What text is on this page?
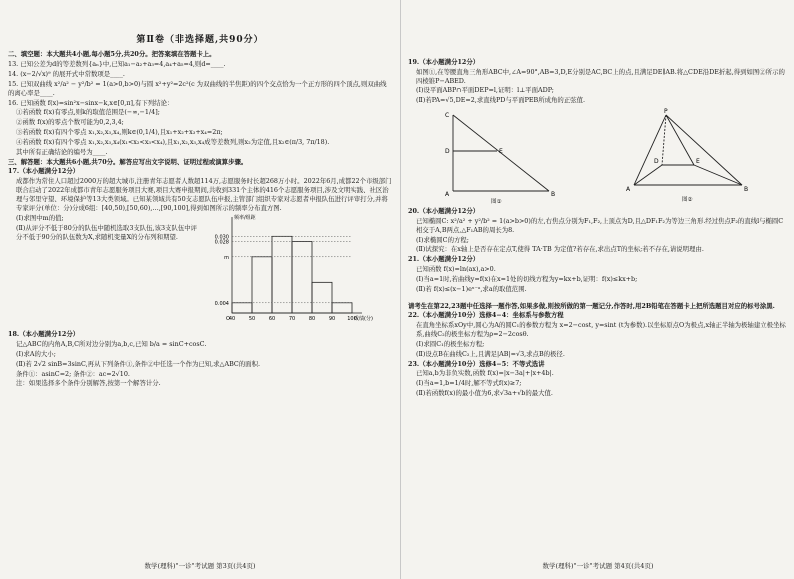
第Ⅱ卷（非选择题,共90分）

二、填空题：本大题共4小题,每小题5分,共20分。把答案填在答题卡上。

13. 已知公差为d的等差数列{aₙ}中,已知a₁−a₂+a₃=4,a₄+a₅=4,则d=____.

14. (x−2/√x)⁹ 的展开式中常数项是____.

15. 已知双曲线 x²/a² − y²/b² = 1(a>0,b>0)与圆 x²+y²=2c²(c 为双曲线的半焦距)的四个交点恰为一个正方形的四个顶点,则双曲线的离心率是____.

16. 已知函数 f(x)=sin²x−sinx−k,x∈[0,π],有下列结论：

①若函数 f(x)有零点,则k的取值范围是(−∞,−1/4];

②函数 f(x)的零点个数可能为0,2,3,4;

③若函数 f(x)有四个零点 x₁,x₂,x₃,x₄,则k∈(0,1/4),且x₁+x₂+x₃+x₄=2π;

④若函数 f(x)有四个零点 x₁,x₂,x₃,x₄(x₁<x₂<x₃<x₄),且x₁,x₂,x₃,x₄成等差数列,则x₂为定值,且x₂∈(π/3, 7π/18).

其中所有正确结论的编号为____.

三、解答题：本大题共6小题,共70分。解答应写出文字说明、证明过程或演算步骤。

17.（本小题满分12分）

成都作为常住人口超过2000万的超大城市,注册青年志愿者人数超114万,志愿服务时长超268万小时。2022年6月,成都22个市级部门联合启动了2022年成都市青年志愿服务项目大赛,项目大赛申报期间,共收到331个主体的416个志愿服务项目,涉及文明实践、社区治理与邻里守望、环境保护等13大类领域。已知某领域共有50支志愿队伍申报,主管部门组织专家对志愿者申报队伍进行评审打分,并将专家评分(单位：分)分成6组：[40,50),[50,60),…,[90,100],得到如图所示的频率分布直方图.

(Ⅰ)求图中m的值;

(Ⅱ)从评分不低于80分的队伍中随机选取3支队伍,该3支队伍中评分不低于90分的队伍数为X,求随机变量X的分布列和期望.

0.004
m
0.030
0.028
40	50	60	70	80	90 100
频率/组距
成绩(分)
O

18.（本小题满分12分）

记△ABC的内角A,B,C所对边分别为a,b,c,已知 b/a = sinC+cosC.

(Ⅰ)求A的大小;

(Ⅱ)若 2√2 sinB=3sinC,再从下列条件①,条件②中任选一个作为已知,求△ABC的面积.

条件①：asinC=2; 条件②：ac=2√10.

注：如果选择多个条件分别解答,按第一个解答计分.

数学(理科)"一诊"考试题 第3页(共4页)

19.（本小题满分12分）

如图①,在等腰直角三角形ABC中,∠A=90°,AB=3,D,E分别是AC,BC上的点,且满足DE∥AB.将△CDE沿DE折起,得到如图②所示的四棱锥P−ABED.

(Ⅰ)设平面ABP∩平面DEP=l,证明：l⊥平面ADP;

(Ⅱ)若PA=√5,DE=2,求直线PD与平面PEB所成角的正弦值.

C
D	E
A	B
图①
P
D	E
A	B
图②

20.（本小题满分12分）

已知椭圆C: x²/a² + y²/b² = 1(a>b>0)的左,右焦点分别为F₁,F₂,上顶点为D,且△DF₁F₂为等边三角形.经过焦点F₂的直线l与椭圆C相交于A,B两点,△F₁AB的周长为8.

(Ⅰ)求椭圆C的方程;

(Ⅱ)试探究：在x轴上是否存在定点T,使得 TA·TB 为定值?若存在,求出点T的坐标;若不存在,请说明理由.

21.（本小题满分12分）

已知函数 f(x)=ln(ax),a>0.

(Ⅰ)当a=1时,若曲线y=f(x)在x=1处的切线方程为y=kx+b,证明：f(x)≤kx+b;

(Ⅱ)若 f(x)≤(x−1)eˣ⁻ᵃ,求a的取值范围.

请考生在第22,23题中任选择一题作答,如果多做,则按所做的第一题记分,作答时,用2B铅笔在答题卡上把所选题目对应的标号涂黑.

22.（本小题满分10分）选修4−4：坐标系与参数方程

在直角坐标系xOy中,圆心为A的圆C₁的参数方程为 x=2−cost, y=sint (t为参数).以坐标原点O为极点,x轴正半轴为极轴建立极坐标系,曲线C₂的极坐标方程为ρ=2−2cosθ.

(Ⅰ)求圆C₁的极坐标方程;

(Ⅱ)设点B在曲线C₂上,且满足|AB|=√3,求点B的极径.

23.（本小题满分10分）选修4−5：不等式选讲

已知a,b为非负实数,函数 f(x)=|x−3a|+|x+4b|.

(Ⅰ)当a=1,b=1/4时,解不等式f(x)≥7;

(Ⅱ)若函数f(x)的最小值为6,求√3a+√b的最大值.

数学(理科)"一诊"考试题 第4页(共4页)
